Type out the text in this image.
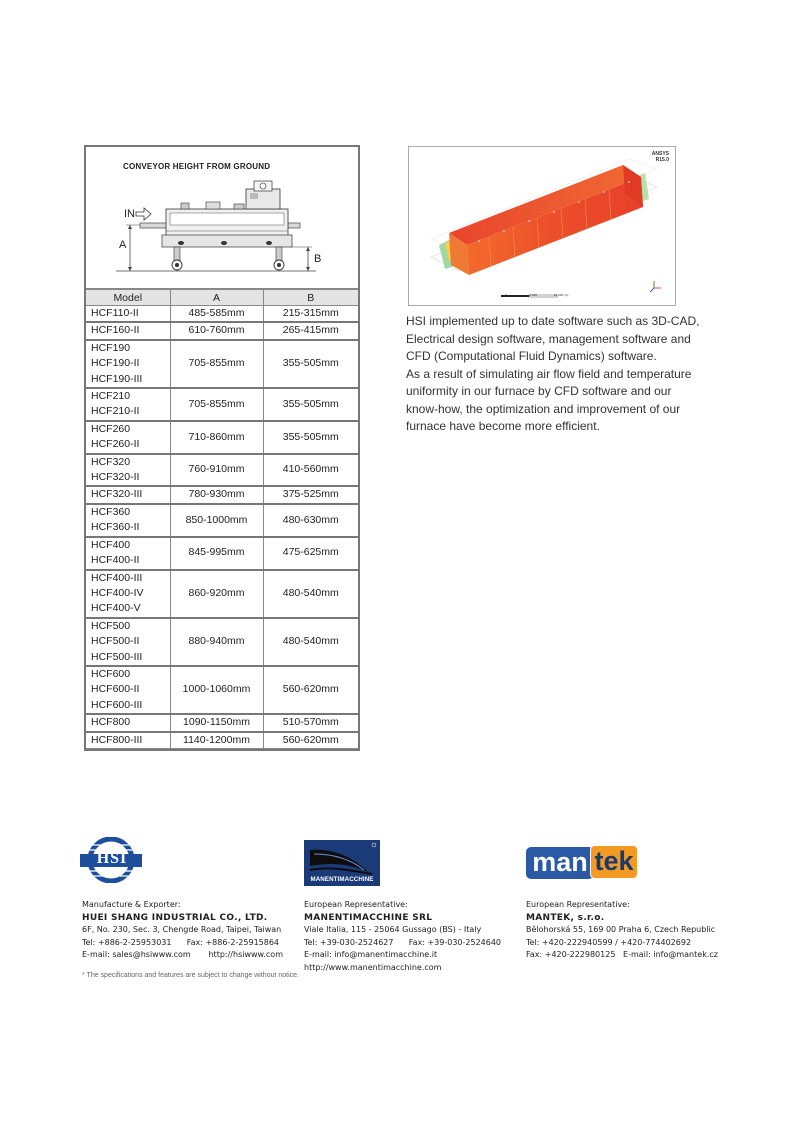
CONVEYOR HEIGHT FROM GROUND
IN
A
B
Model	A	B
HCF110-II	485-585mm	215-315mm
HCF160-II	610-760mm	265-415mm
HCF190	705-855mm	355-505mm
HCF190-II		
HCF190-III		
HCF210	705-855mm	355-505mm
HCF210-II		
HCF260	710-860mm	355-505mm
HCF260-II		
HCF320	760-910mm	410-560mm
HCF320-II		
HCF320-III	780-930mm	375-525mm
HCF360	850-1000mm	480-630mm
HCF360-II		
HCF400	845-995mm	475-625mm
HCF400-II		
HCF400-III	860-920mm	480-540mm
HCF400-IV		
HCF400-V		
HCF500	880-940mm	480-540mm
HCF500-II		
HCF500-III		
HCF600	1000-1060mm	560-620mm
HCF600-II		
HCF600-III		
HCF800	1090-1150mm	510-570mm
HCF800-III	1140-1200mm	560-620mm
ANSYS
R15.0
0	5.000	10.000 (m)

HSI implemented up to date software such as 3D-CAD, Electrical design software, management software and CFD (Computational Fluid Dynamics) software.

As a result of simulating air flow field and temperature uniformity in our furnace by CFD software and our know-how, the optimization and improvement of our furnace have become more efficient.

HSI
MANENTIMACCHINE
man tek
Manufacture & Exporter:
HUEI SHANG INDUSTRIAL CO., LTD.
6F, No. 230, Sec. 3, Chengde Road, Taipei, Taiwan
Tel: +886-2-25953031      Fax: +886-2-25915864
E-mail: sales@hsiwww.com       http://hsiwww.com
European Representative:
MANENTIMACCHINE SRL
Viale Italia, 115 - 25064 Gussago (BS) - Italy
Tel: +39-030-2524627      Fax: +39-030-2524640
E-mail: info@manentimacchine.it
http://www.manentimacchine.com
European Representative:
MANTEK, s.r.o.
Bělohorská 55, 169 00 Praha 6, Czech Republic
Tel: +420-222940599 / +420-774402692
Fax: +420-222980125   E-mail: info@mantek.cz
* The specifications and features are subject to change without notice.
